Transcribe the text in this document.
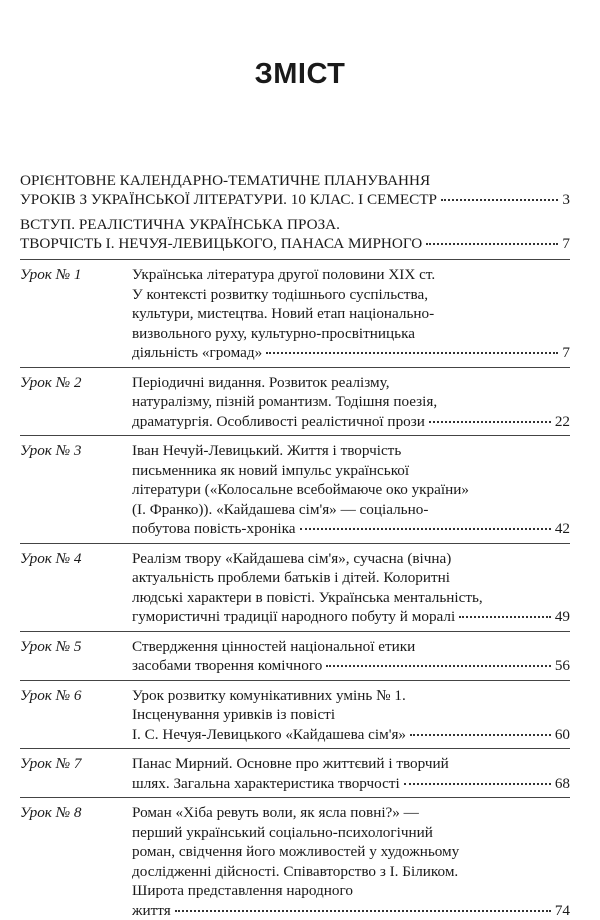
ЗМІСТ
ОРІЄНТОВНЕ КАЛЕНДАРНО-ТЕМАТИЧНЕ ПЛАНУВАННЯ
УРОКІВ З УКРАЇНСЬКОЇ ЛІТЕРАТУРИ. 10 КЛАС. І СЕМЕСТР	3
ВСТУП. РЕАЛІСТИЧНА УКРАЇНСЬКА ПРОЗА.
ТВОРЧІСТЬ І. НЕЧУЯ-ЛЕВИЦЬКОГО, ПАНАСА МИРНОГО	7
Урок № 1	Українська література другої половини XIX ст.
У контексті розвитку тодішнього суспільства,
культури, мистецтва. Новий етап національно-
визвольного руху, культурно-просвітницька
діяльність «громад»	7
Урок № 2	Періодичні видання. Розвиток реалізму,
натуралізму, пізній романтизм. Тодішня поезія,
драматургія. Особливості реалістичної прози	22
Урок № 3	Іван Нечуй-Левицький. Життя і творчість
письменника як новий імпульс української
літератури («Колосальне всебоймаюче око україни»
(І. Франко)). «Кайдашева сім'я» — соціально-
побутова повість-хроніка	42
Урок № 4	Реалізм твору «Кайдашева сім'я», сучасна (вічна)
актуальність проблеми батьків і дітей. Колоритні
людські характери в повісті. Українська ментальність,
гумористичні традиції народного побуту й моралі	49
Урок № 5	Ствердження цінностей національної етики
засобами творення комічного	56
Урок № 6	Урок розвитку комунікативних умінь № 1.
Інсценування уривків із повісті
І. С. Нечуя-Левицького «Кайдашева сім'я»	60
Урок № 7	Панас Мирний. Основне про життєвий і творчий
шлях. Загальна характеристика творчості	68
Урок № 8	Роман «Хіба ревуть воли, як ясла повні?» —
перший український соціально-психологічний
роман, свідчення його можливостей у художньому
дослідженні дійсності. Співавторство з І. Біликом.
Широта представлення народного
життя	74
